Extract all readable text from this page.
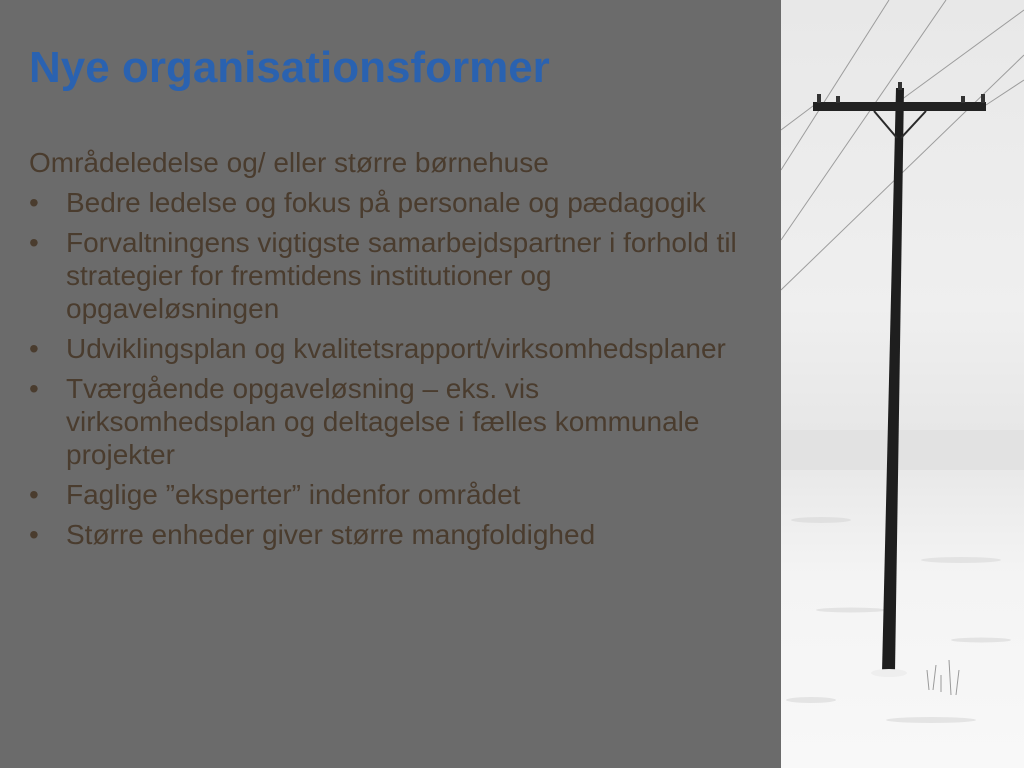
Nye organisationsformer

Områdeledelse og/ eller større børnehuse

• Bedre ledelse og fokus på personale og pædagogik
• Forvaltningens vigtigste samarbejdspartner i forhold til strategier for fremtidens institutioner og opgaveløsningen
• Udviklingsplan og kvalitetsrapport/virksomhedsplaner
• Tværgående opgaveløsning – eks. vis virksomhedsplan og deltagelse i fælles kommunale projekter
• Faglige ”eksperter” indenfor området
• Større enheder giver større mangfoldighed
